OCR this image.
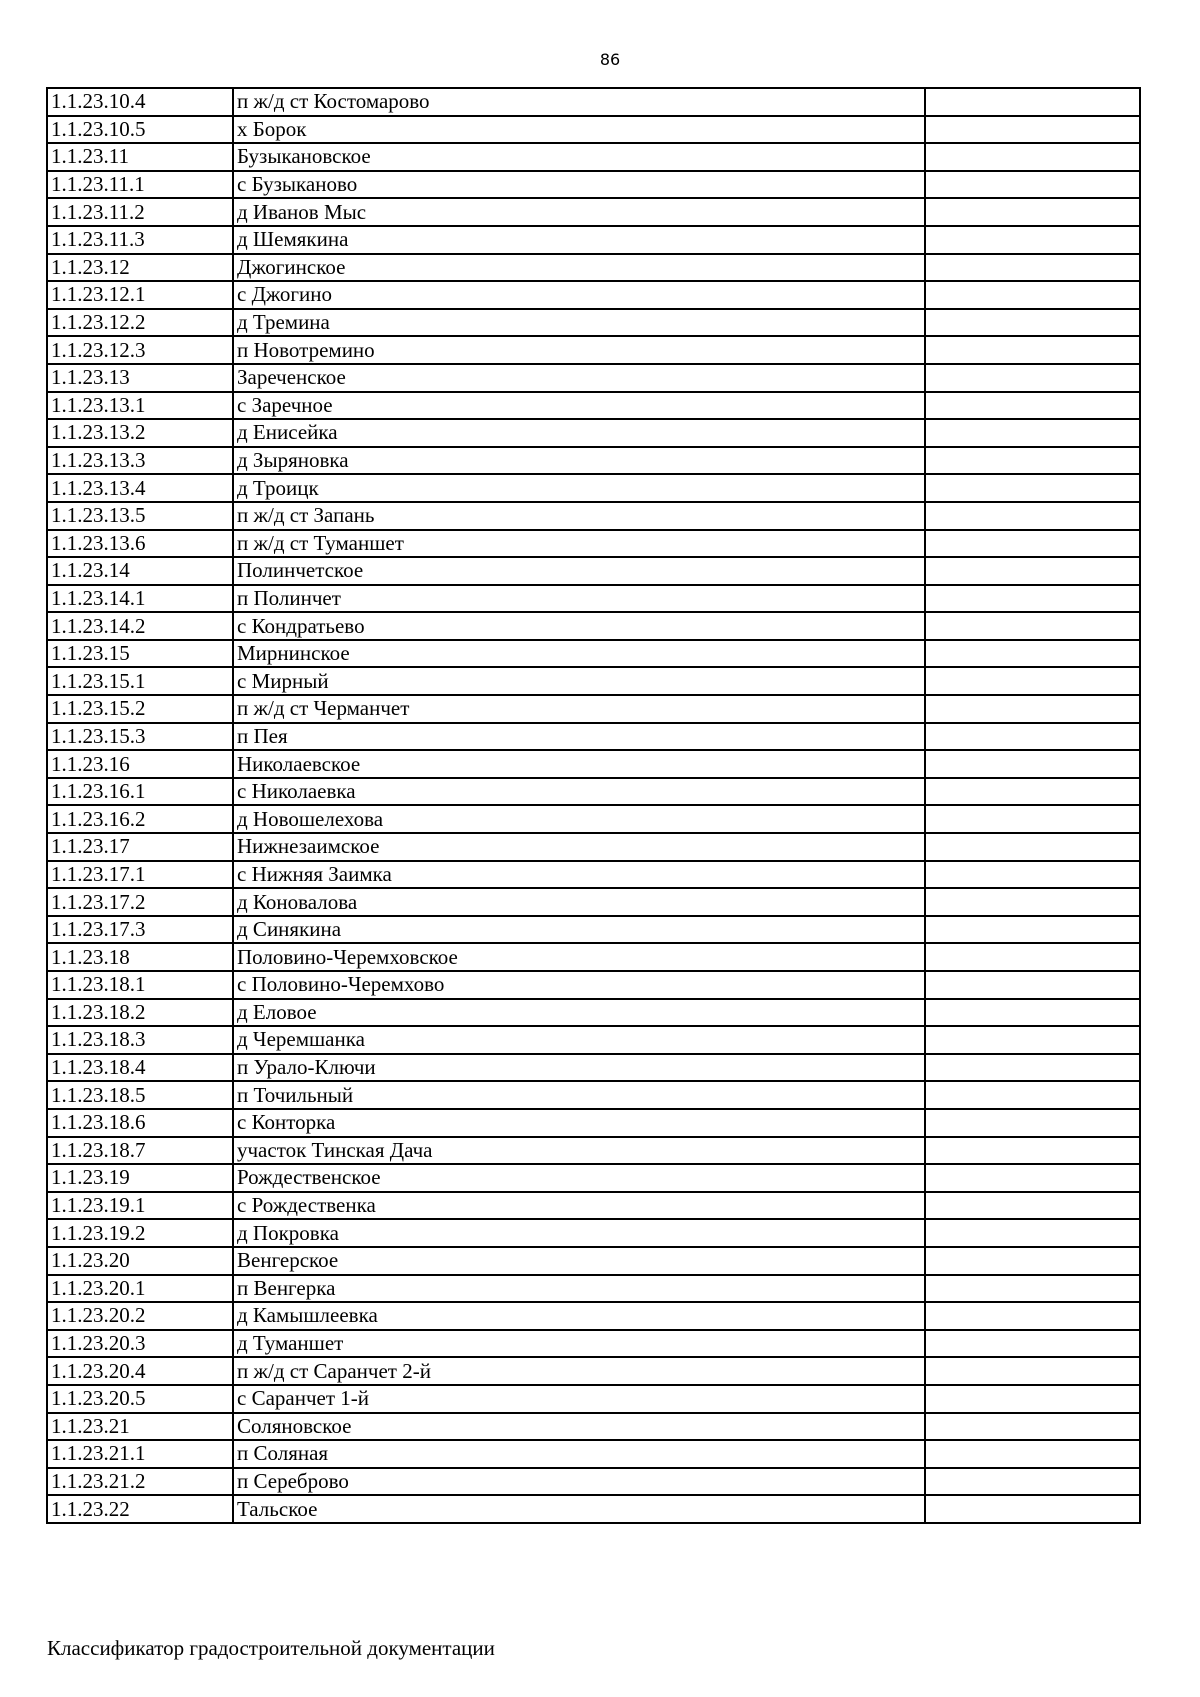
86
1.1.23.10.4	п ж/д ст Костомарово	
1.1.23.10.5	х Борок	
1.1.23.11	Бузыкановское	
1.1.23.11.1	с Бузыканово	
1.1.23.11.2	д Иванов Мыс	
1.1.23.11.3	д Шемякина	
1.1.23.12	Джогинское	
1.1.23.12.1	с Джогино	
1.1.23.12.2	д Тремина	
1.1.23.12.3	п Новотремино	
1.1.23.13	Зареченское	
1.1.23.13.1	с Заречное	
1.1.23.13.2	д Енисейка	
1.1.23.13.3	д Зыряновка	
1.1.23.13.4	д Троицк	
1.1.23.13.5	п ж/д ст Запань	
1.1.23.13.6	п ж/д ст Туманшет	
1.1.23.14	Полинчетское	
1.1.23.14.1	п Полинчет	
1.1.23.14.2	с Кондратьево	
1.1.23.15	Мирнинское	
1.1.23.15.1	с Мирный	
1.1.23.15.2	п ж/д ст Черманчет	
1.1.23.15.3	п Пея	
1.1.23.16	Николаевское	
1.1.23.16.1	с Николаевка	
1.1.23.16.2	д Новошелехова	
1.1.23.17	Нижнезаимское	
1.1.23.17.1	с Нижняя Заимка	
1.1.23.17.2	д Коновалова	
1.1.23.17.3	д Синякина	
1.1.23.18	Половино-Черемховское	
1.1.23.18.1	с Половино-Черемхово	
1.1.23.18.2	д Еловое	
1.1.23.18.3	д Черемшанка	
1.1.23.18.4	п Урало-Ключи	
1.1.23.18.5	п Точильный	
1.1.23.18.6	с Конторка	
1.1.23.18.7	участок Тинская Дача	
1.1.23.19	Рождественское	
1.1.23.19.1	с Рождественка	
1.1.23.19.2	д Покровка	
1.1.23.20	Венгерское	
1.1.23.20.1	п Венгерка	
1.1.23.20.2	д Камышлеевка	
1.1.23.20.3	д Туманшет	
1.1.23.20.4	п ж/д ст Саранчет 2-й	
1.1.23.20.5	с Саранчет 1-й	
1.1.23.21	Соляновское	
1.1.23.21.1	п Соляная	
1.1.23.21.2	п Сереброво	
1.1.23.22	Тальское	
Классификатор градостроительной документации
